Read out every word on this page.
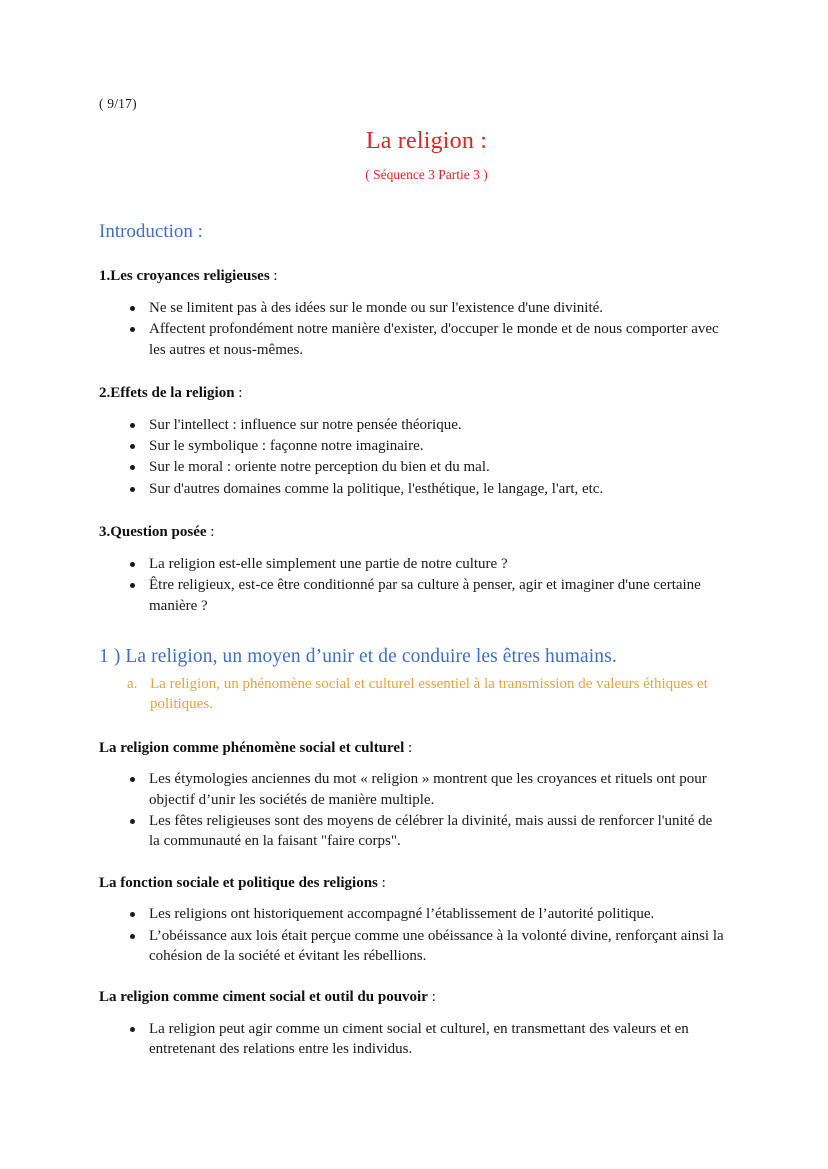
( 9/17)
La religion :
( Séquence 3 Partie 3 )
Introduction :
1.Les croyances religieuses :
Ne se limitent pas à des idées sur le monde ou sur l'existence d'une divinité.
Affectent profondément notre manière d'exister, d'occuper le monde et de nous comporter avec les autres et nous-mêmes.
2.Effets de la religion :
Sur l'intellect : influence sur notre pensée théorique.
Sur le symbolique : façonne notre imaginaire.
Sur le moral : oriente notre perception du bien et du mal.
Sur d'autres domaines comme la politique, l'esthétique, le langage, l'art, etc.
3.Question posée :
La religion est-elle simplement une partie de notre culture ?
Être religieux, est-ce être conditionné par sa culture à penser, agir et imaginer d'une certaine manière ?
1 ) La religion, un moyen d’unir et de conduire les êtres humains.
a. La religion, un phénomène social et culturel essentiel à la transmission de valeurs éthiques et politiques.
La religion comme phénomène social et culturel :
Les étymologies anciennes du mot « religion » montrent que les croyances et rituels ont pour objectif d’unir les sociétés de manière multiple.
Les fêtes religieuses sont des moyens de célébrer la divinité, mais aussi de renforcer l'unité de la communauté en la faisant "faire corps".
La fonction sociale et politique des religions :
Les religions ont historiquement accompagné l’établissement de l’autorité politique.
L’obéissance aux lois était perçue comme une obéissance à la volonté divine, renforçant ainsi la cohésion de la société et évitant les rébellions.
La religion comme ciment social et outil du pouvoir :
La religion peut agir comme un ciment social et culturel, en transmettant des valeurs et en entretenant des relations entre les individus.
